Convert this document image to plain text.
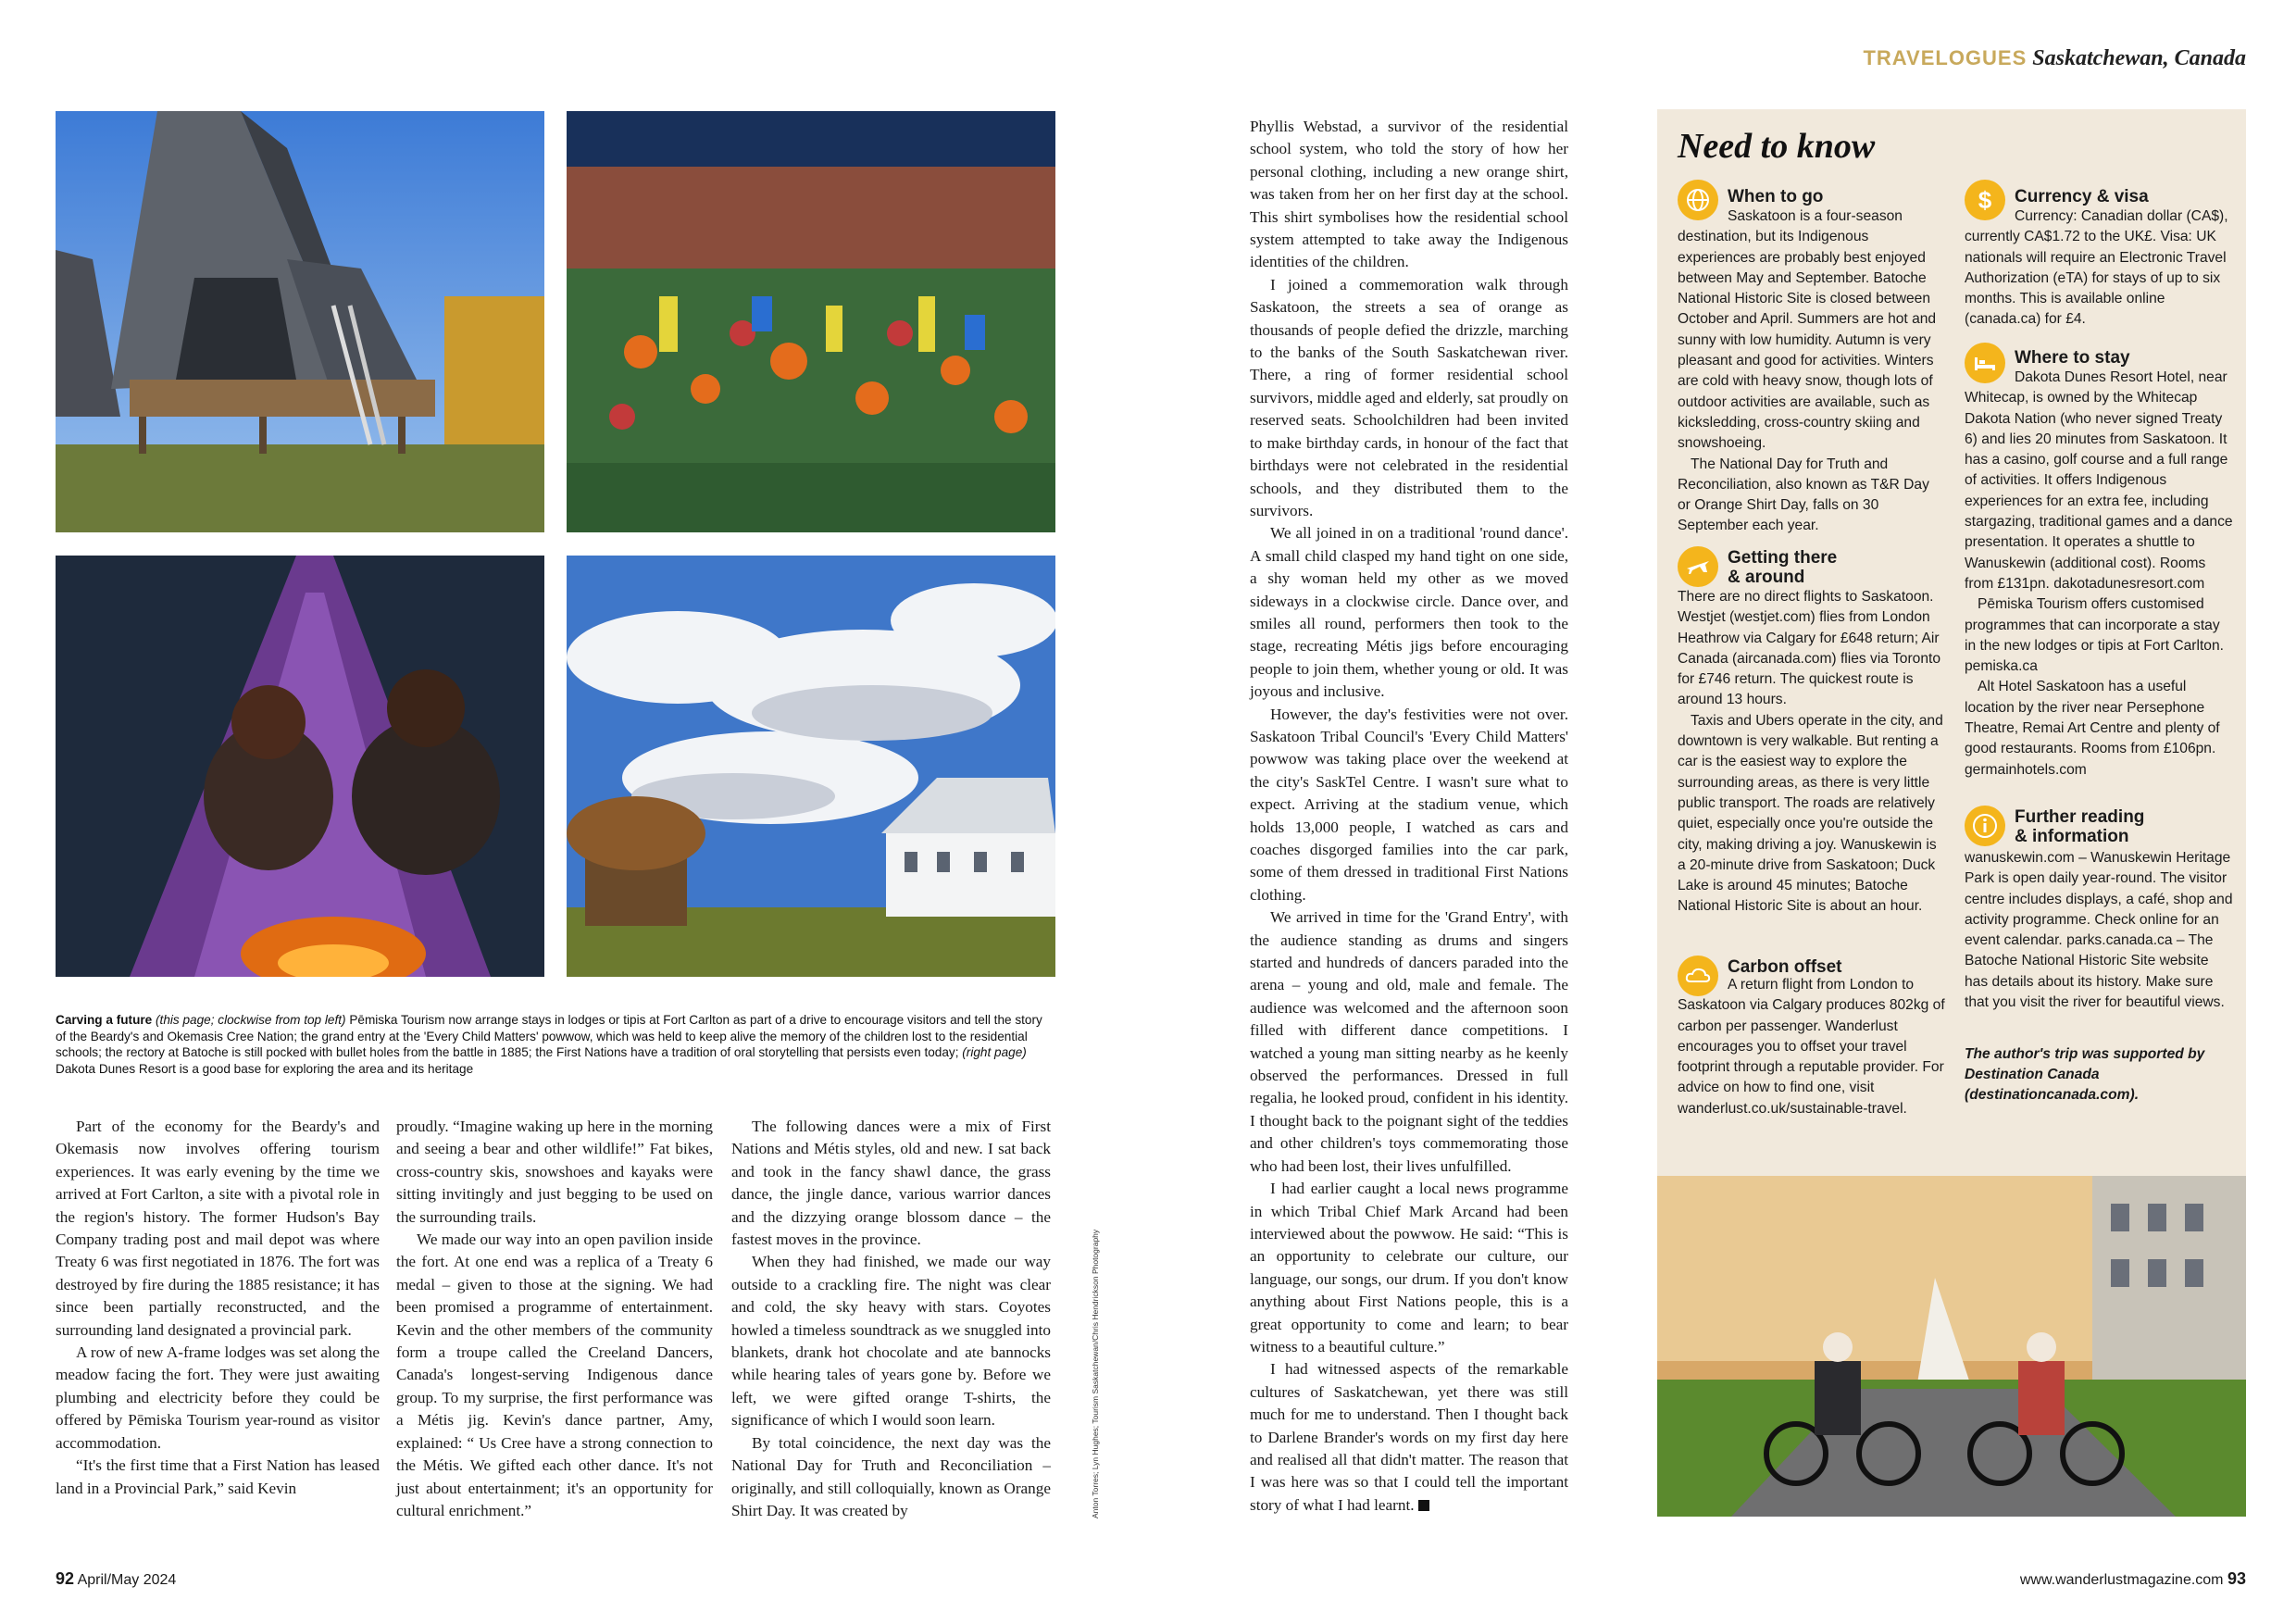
TRAVELOGUES Saskatchewan, Canada
Carving a future (this page; clockwise from top left) Pēmiska Tourism now arrange stays in lodges or tipis at Fort Carlton as part of a drive to encourage visitors and tell the story of the Beardy's and Okemasis Cree Nation; the grand entry at the 'Every Child Matters' powwow, which was held to keep alive the memory of the children lost to the residential schools; the rectory at Batoche is still pocked with bullet holes from the battle in 1885; the First Nations have a tradition of oral storytelling that persists even today; (right page) Dakota Dunes Resort is a good base for exploring the area and its heritage
Anton Torres; Lyn Hughes; Tourism Saskatchewan/Chris Hendrickson Photography

Part of the economy for the Beardy's and Okemasis now involves offering tourism experiences. It was early evening by the time we arrived at Fort Carlton, a site with a pivotal role in the region's history. The former Hudson's Bay Company trading post and mail depot was where Treaty 6 was first negotiated in 1876. The fort was destroyed by fire during the 1885 resistance; it has since been partially reconstructed, and the surrounding land designated a provincial park.

A row of new A-frame lodges was set along the meadow facing the fort. They were just awaiting plumbing and electricity before they could be offered by Pēmiska Tourism year-round as visitor accommodation.

“It's the first time that a First Nation has leased land in a Provincial Park,” said Kevin

proudly. “Imagine waking up here in the morning and seeing a bear and other wildlife!” Fat bikes, cross-country skis, snowshoes and kayaks were sitting invitingly and just begging to be used on the surrounding trails.

We made our way into an open pavilion inside the fort. At one end was a replica of a Treaty 6 medal – given to those at the signing. We had been promised a programme of entertainment. Kevin and the other members of the community form a troupe called the Creeland Dancers, Canada's longest-serving Indigenous dance group. To my surprise, the first performance was a Métis jig. Kevin's dance partner, Amy, explained: “ Us Cree have a strong connection to the Métis. We gifted each other dance. It's not just about entertainment; it's an opportunity for cultural enrichment.”

The following dances were a mix of First Nations and Métis styles, old and new. I sat back and took in the fancy shawl dance, the grass dance, the jingle dance, various warrior dances and the dizzying orange blossom dance – the fastest moves in the province.

When they had finished, we made our way outside to a crackling fire. The night was clear and cold, the sky heavy with stars. Coyotes howled a timeless soundtrack as we snuggled into blankets, drank hot chocolate and ate bannocks while hearing tales of years gone by. Before we left, we were gifted orange T-shirts, the significance of which I would soon learn.

By total coincidence, the next day was the National Day for Truth and Reconciliation – originally, and still colloquially, known as Orange Shirt Day. It was created by

Phyllis Webstad, a survivor of the residential school system, who told the story of how her personal clothing, including a new orange shirt, was taken from her on her first day at the school. This shirt symbolises how the residential school system attempted to take away the Indigenous identities of the children.

I joined a commemoration walk through Saskatoon, the streets a sea of orange as thousands of people defied the drizzle, marching to the banks of the South Saskatchewan river. There, a ring of former residential school survivors, middle aged and elderly, sat proudly on reserved seats. Schoolchildren had been invited to make birthday cards, in honour of the fact that birthdays were not celebrated in the residential schools, and they distributed them to the survivors.

We all joined in on a traditional 'round dance'. A small child clasped my hand tight on one side, a shy woman held my other as we moved sideways in a clockwise circle. Dance over, and smiles all round, performers then took to the stage, recreating Métis jigs before encouraging people to join them, whether young or old. It was joyous and inclusive.

However, the day's festivities were not over. Saskatoon Tribal Council's 'Every Child Matters' powwow was taking place over the weekend at the city's SaskTel Centre. I wasn't sure what to expect. Arriving at the stadium venue, which holds 13,000 people, I watched as cars and coaches disgorged families into the car park, some of them dressed in traditional First Nations clothing.

We arrived in time for the 'Grand Entry', with the audience standing as drums and singers started and hundreds of dancers paraded into the arena – young and old, male and female. The audience was welcomed and the afternoon soon filled with different dance competitions. I watched a young man sitting nearby as he keenly observed the performances. Dressed in full regalia, he looked proud, confident in his identity. I thought back to the poignant sight of the teddies and other children's toys commemorating those who had been lost, their lives unfulfilled.

I had earlier caught a local news programme in which Tribal Chief Mark Arcand had been interviewed about the powwow. He said: “This is an opportunity to celebrate our culture, our language, our songs, our drum. If you don't know anything about First Nations people, this is a great opportunity to come and learn; to bear witness to a beautiful culture.”

I had witnessed aspects of the remarkable cultures of Saskatchewan, yet there was still much for me to understand. Then I thought back to Darlene Brander's words on my first day here and realised all that didn't matter. The reason that I was here was so that I could tell the important story of what I had learnt.

Need to know
When to go
Saskatoon is a four-season destination, but its Indigenous experiences are probably best enjoyed between May and September. Batoche National Historic Site is closed between October and April. Summers are hot and sunny with low humidity. Autumn is very pleasant and good for activities. Winters are cold with heavy snow, though lots of outdoor activities are available, such as kicksledding, cross-country skiing and snowshoeing.
The National Day for Truth and Reconciliation, also known as T&R Day or Orange Shirt Day, falls on 30 September each year.
Getting there
& around
There are no direct flights to Saskatoon. Westjet (westjet.com) flies from London Heathrow via Calgary for £648 return; Air Canada (aircanada.com) flies via Toronto for £746 return. The quickest route is around 13 hours.
Taxis and Ubers operate in the city, and downtown is very walkable. But renting a car is the easiest way to explore the surrounding areas, as there is very little public transport. The roads are relatively quiet, especially once you're outside the city, making driving a joy. Wanuskewin is a 20-minute drive from Saskatoon; Duck Lake is around 45 minutes; Batoche National Historic Site is about an hour.
Carbon offset
A return flight from London to Saskatoon via Calgary produces 802kg of carbon per passenger. Wanderlust encourages you to offset your travel footprint through a reputable provider. For advice on how to find one, visit wanderlust.co.uk/sustainable-travel.
$ Currency & visa
Currency: Canadian dollar (CA$), currently CA$1.72 to the UK£. Visa: UK nationals will require an Electronic Travel Authorization (eTA) for stays of up to six months. This is available online (canada.ca) for £4.
Where to stay
Dakota Dunes Resort Hotel, near Whitecap, is owned by the Whitecap Dakota Nation (who never signed Treaty 6) and lies 20 minutes from Saskatoon. It has a casino, golf course and a full range of activities. It offers Indigenous experiences for an extra fee, including stargazing, traditional games and a dance presentation. It operates a shuttle to Wanuskewin (additional cost). Rooms from £131pn. dakotadunesresort.com
Pēmiska Tourism offers customised programmes that can incorporate a stay in the new lodges or tipis at Fort Carlton. pemiska.ca
Alt Hotel Saskatoon has a useful location by the river near Persephone Theatre, Remai Art Centre and plenty of good restaurants. Rooms from £106pn. germainhotels.com
Further reading
& information
wanuskewin.com – Wanuskewin Heritage Park is open daily year-round. The visitor centre includes displays, a café, shop and activity programme. Check online for an event calendar. parks.canada.ca – The Batoche National Historic Site website has details about its history. Make sure that you visit the river for beautiful views.
The author's trip was supported by Destination Canada (destinationcanada.com).
92 April/May 2024	www.wanderlustmagazine.com 93
